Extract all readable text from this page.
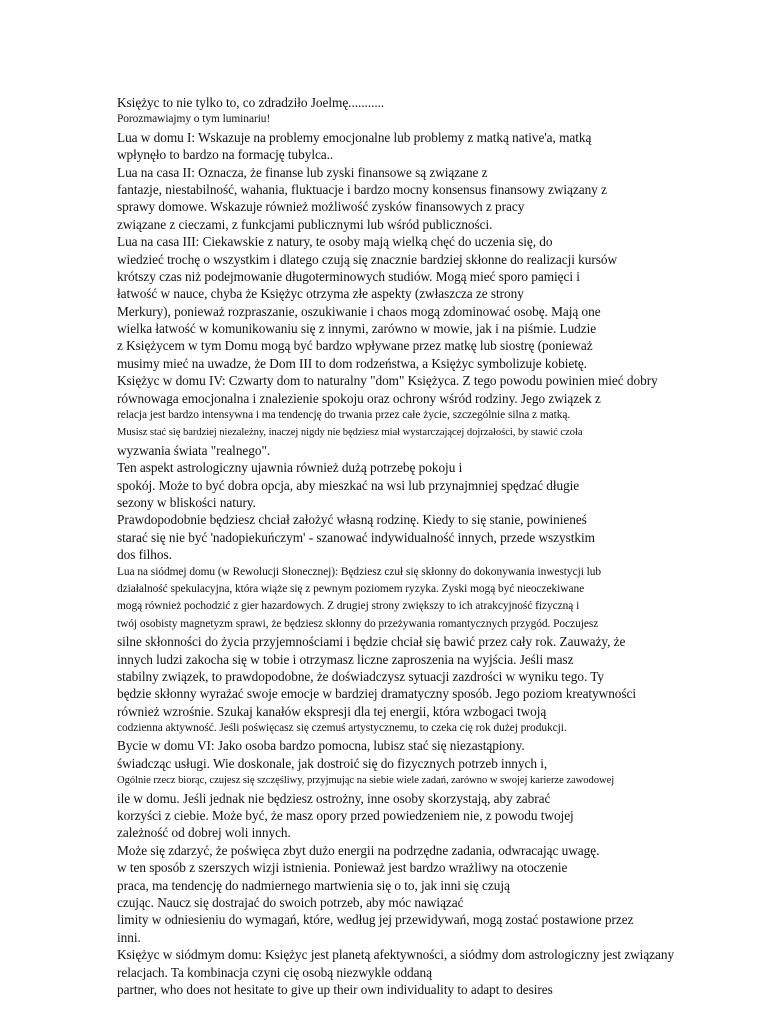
Księżyc to nie tylko to, co zdradziło Joelmę...........
Porozmawiajmy o tym luminariu!
Lua w domu I: Wskazuje na problemy emocjonalne lub problemy z matką native'a, matką
wpłynęło to bardzo na formację tubylca..
Lua na casa II: Oznacza, że finanse lub zyski finansowe są związane z
fantazje, niestabilność, wahania, fluktuacje i bardzo mocny konsensus finansowy związany z
sprawy domowe. Wskazuje również możliwość zysków finansowych z pracy
związane z cieczami, z funkcjami publicznymi lub wśród publiczności.
Lua na casa III: Ciekawskie z natury, te osoby mają wielką chęć do uczenia się, do
wiedzieć trochę o wszystkim i dlatego czują się znacznie bardziej skłonne do realizacji kursów
krótszy czas niż podejmowanie długoterminowych studiów. Mogą mieć sporo pamięci i
łatwość w nauce, chyba że Księżyc otrzyma złe aspekty (zwłaszcza ze strony
Merkury), ponieważ rozpraszanie, oszukiwanie i chaos mogą zdominować osobę. Mają one
wielka łatwość w komunikowaniu się z innymi, zarówno w mowie, jak i na piśmie. Ludzie
z Księżycem w tym Domu mogą być bardzo wpływane przez matkę lub siostrę (ponieważ
musimy mieć na uwadze, że Dom III to dom rodzeństwa, a Księżyc symbolizuje kobietę.
Księżyc w domu IV: Czwarty dom to naturalny "dom" Księżyca. Z tego powodu powinien mieć dobry
równowaga emocjonalna i znalezienie spokoju oraz ochrony wśród rodziny. Jego związek z
relacja jest bardzo intensywna i ma tendencję do trwania przez całe życie, szczególnie silna z matką.
Musisz stać się bardziej niezależny, inaczej nigdy nie będziesz miał wystarczającej dojrzałości, by stawić czoła
wyzwania świata "realnego".
Ten aspekt astrologiczny ujawnia również dużą potrzebę pokoju i
spokój. Może to być dobra opcja, aby mieszkać na wsi lub przynajmniej spędzać długie
sezony w bliskości natury.
Prawdopodobnie będziesz chciał założyć własną rodzinę. Kiedy to się stanie, powinieneś
starać się nie być 'nadopiekuńczym' - szanować indywidualność innych, przede wszystkim
dos filhos.
Lua na siódmej domu (w Rewolucji Słonecznej): Będziesz czuł się skłonny do dokonywania inwestycji lub
działalność spekulacyjna, która wiąże się z pewnym poziomem ryzyka. Zyski mogą być nieoczekiwane
mogą również pochodzić z gier hazardowych. Z drugiej strony zwiększy to ich atrakcyjność fizyczną i
twój osobisty magnetyzm sprawi, że będziesz skłonny do przeżywania romantycznych przygód. Poczujesz
silne skłonności do życia przyjemnościami i będzie chciał się bawić przez cały rok. Zauważy, że
innych ludzi zakocha się w tobie i otrzymasz liczne zaproszenia na wyjścia. Jeśli masz
stabilny związek, to prawdopodobne, że doświadczysz sytuacji zazdrości w wyniku tego. Ty
będzie skłonny wyrażać swoje emocje w bardziej dramatyczny sposób. Jego poziom kreatywności
również wzrośnie. Szukaj kanałów ekspresji dla tej energii, która wzbogaci twoją
codzienna aktywność. Jeśli poświęcasz się czemuś artystycznemu, to czeka cię rok dużej produkcji.
Bycie w domu VI: Jako osoba bardzo pomocna, lubisz stać się niezastąpiony.
świadcząc usługi. Wie doskonale, jak dostroić się do fizycznych potrzeb innych i,
Ogólnie rzecz biorąc, czujesz się szczęśliwy, przyjmując na siebie wiele zadań, zarówno w swojej karierze zawodowej
ile w domu. Jeśli jednak nie będziesz ostrożny, inne osoby skorzystają, aby zabrać
korzyści z ciebie. Może być, że masz opory przed powiedzeniem nie, z powodu twojej
zależność od dobrej woli innych.
Może się zdarzyć, że poświęca zbyt dużo energii na podrzędne zadania, odwracając uwagę.
w ten sposób z szerszych wizji istnienia. Ponieważ jest bardzo wrażliwy na otoczenie
praca, ma tendencję do nadmiernego martwienia się o to, jak inni się czują
czując. Naucz się dostrajać do swoich potrzeb, aby móc nawiązać
limity w odniesieniu do wymagań, które, według jej przewidywań, mogą zostać postawione przez
inni.
Księżyc w siódmym domu: Księżyc jest planetą afektywności, a siódmy dom astrologiczny jest związany
relacjach. Ta kombinacja czyni cię osobą niezwykle oddaną
partner, who does not hesitate to give up their own individuality to adapt to desires
